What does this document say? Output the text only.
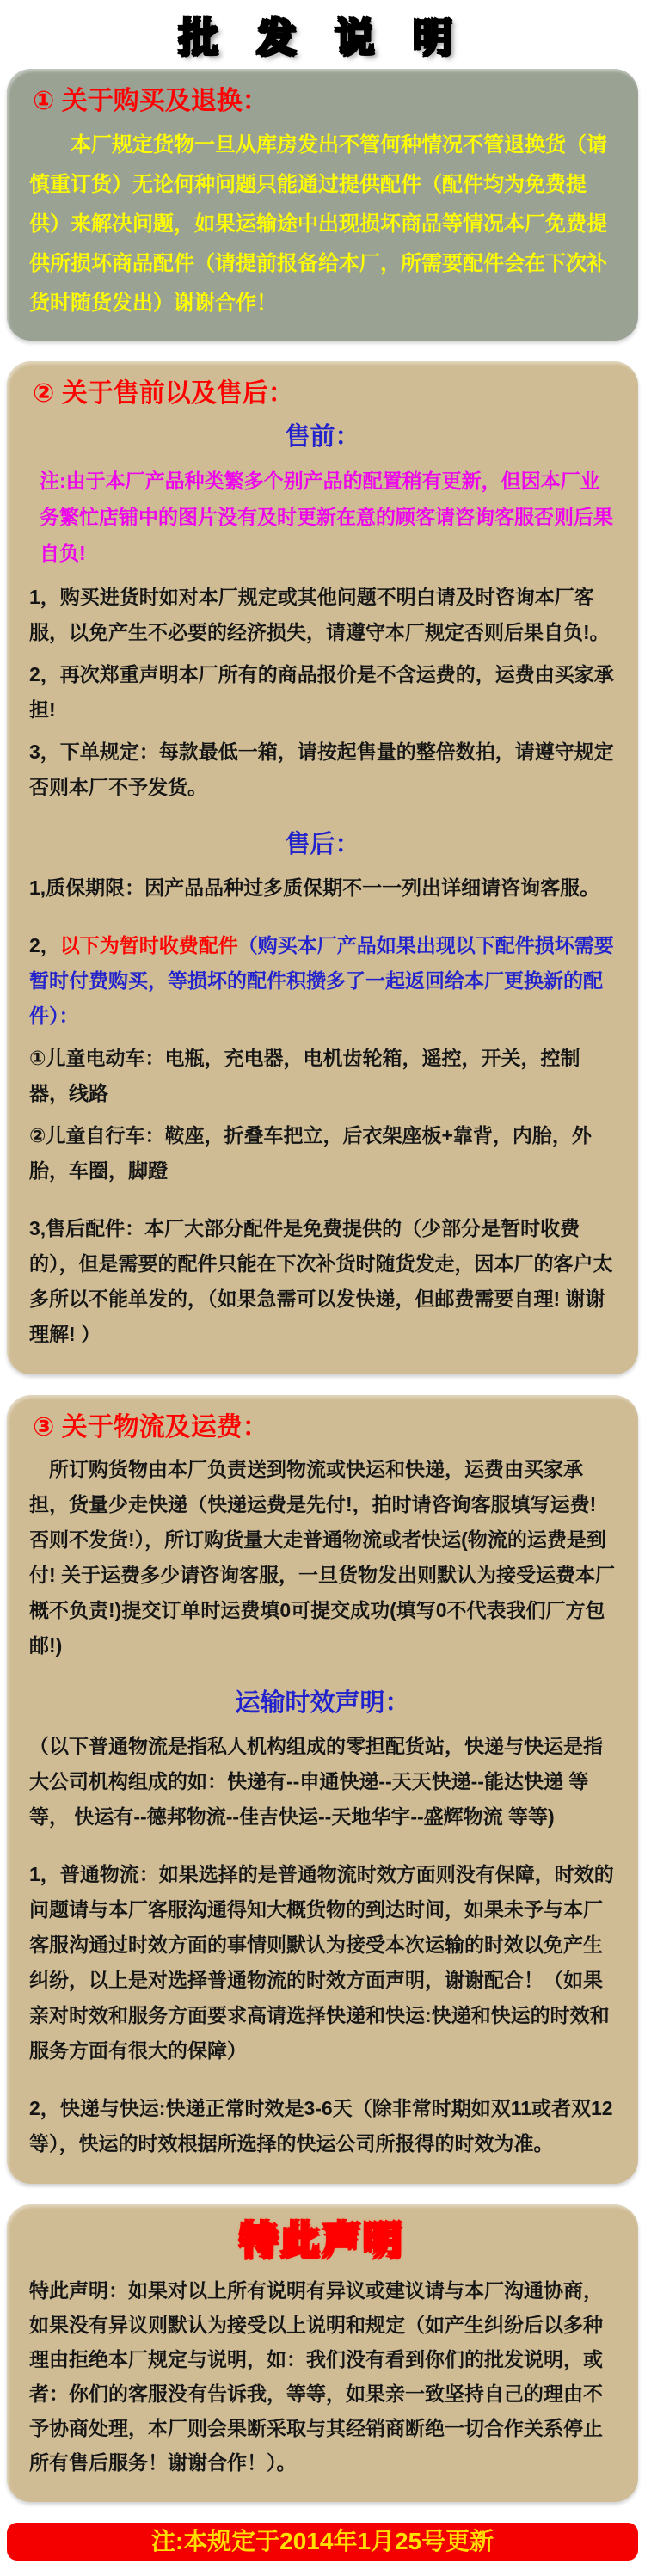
批 发 说 明
① 关于购买及退换：

本厂规定货物一旦从库房发出不管何种情况不管退换货（请慎重订货）无论何种问题只能通过提供配件（配件均为免费提供）来解决问题，如果运输途中出现损坏商品等情况本厂免费提供所损坏商品配件（请提前报备给本厂，所需要配件会在下次补货时随货发出）谢谢合作！

② 关于售前以及售后：
售前：

注:由于本厂产品种类繁多个别产品的配置稍有更新，但因本厂业务繁忙店铺中的图片没有及时更新在意的顾客请咨询客服否则后果自负!

1，购买进货时如对本厂规定或其他问题不明白请及时咨询本厂客服，以免产生不必要的经济损失，请遵守本厂规定否则后果自负!。

2，再次郑重声明本厂所有的商品报价是不含运费的，运费由买家承担!

3，下单规定：每款最低一箱，请按起售量的整倍数拍，请遵守规定否则本厂不予发货。

售后：

1,质保期限：因产品品种过多质保期不一一列出详细请咨询客服。

2，以下为暂时收费配件（购买本厂产品如果出现以下配件损坏需要暂时付费购买，等损坏的配件积攒多了一起返回给本厂更换新的配件）：

①儿童电动车：电瓶，充电器，电机齿轮箱，遥控，开关，控制器，线路

②儿童自行车：鞍座，折叠车把立，后衣架座板+靠背，内胎，外胎，车圈，脚蹬

3,售后配件：本厂大部分配件是免费提供的（少部分是暂时收费的），但是需要的配件只能在下次补货时随货发走，因本厂的客户太多所以不能单发的，（如果急需可以发快递，但邮费需要自理! 谢谢理解! ）

③ 关于物流及运费：

所订购货物由本厂负责送到物流或快运和快递，运费由买家承担，货量少走快递（快递运费是先付!，拍时请咨询客服填写运费!否则不发货!），所订购货量大走普通物流或者快运(物流的运费是到付! 关于运费多少请咨询客服，一旦货物发出则默认为接受运费本厂概不负责!)提交订单时运费填0可提交成功(填写0不代表我们厂方包邮!)

运输时效声明：

（以下普通物流是指私人机构组成的零担配货站，快递与快运是指大公司机构组成的如：快递有--申通快递--天天快递--能达快递 等等， 快运有--德邦物流--佳吉快运--天地华宇--盛辉物流 等等)

1，普通物流：如果选择的是普通物流时效方面则没有保障，时效的问题请与本厂客服沟通得知大概货物的到达时间，如果未予与本厂客服沟通过时效方面的事情则默认为接受本次运输的时效以免产生纠纷，以上是对选择普通物流的时效方面声明，谢谢配合！（如果亲对时效和服务方面要求高请选择快递和快运:快递和快运的时效和服务方面有很大的保障）

2，快递与快运:快递正常时效是3-6天（除非常时期如双11或者双12等），快运的时效根据所选择的快运公司所报得的时效为准。

特此声明

特此声明：如果对以上所有说明有异议或建议请与本厂沟通协商，如果没有异议则默认为接受以上说明和规定（如产生纠纷后以多种理由拒绝本厂规定与说明，如：我们没有看到你们的批发说明，或者：你们的客服没有告诉我，等等，如果亲一致坚持自己的理由不予协商处理，本厂则会果断采取与其经销商断绝一切合作关系停止所有售后服务！谢谢合作！）。

注:本规定于2014年1月25号更新
